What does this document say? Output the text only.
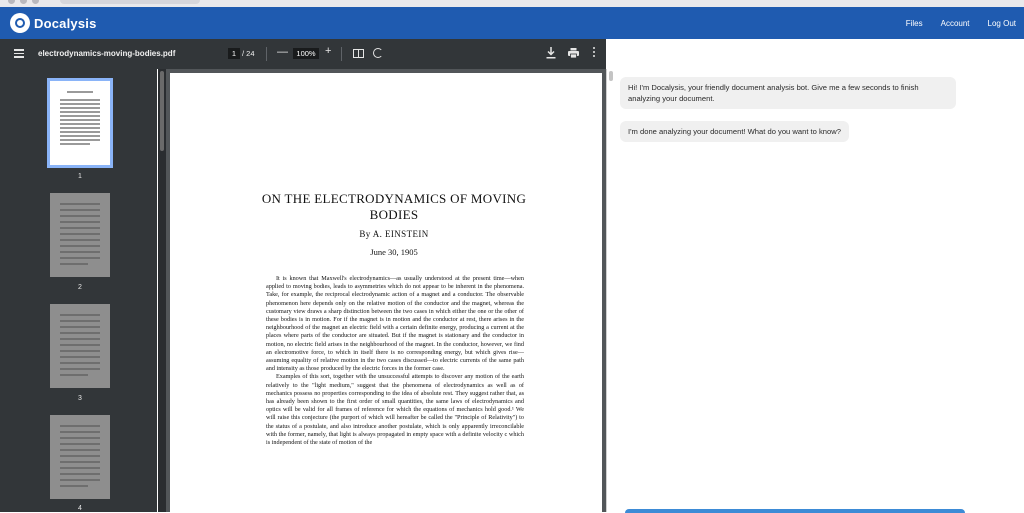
Docalysis	Files Account Log Out
electrodynamics-moving-bodies.pdf	1 / 24 —	100% +
1
2
3
4
ON THE ELECTRODYNAMICS OF MOVING
BODIES
By A. EINSTEIN
June 30, 1905

It is known that Maxwell's electrodynamics—as usually understood at the present time—when applied to moving bodies, leads to asymmetries which do not appear to be inherent in the phenomena. Take, for example, the reciprocal electrodynamic action of a magnet and a conductor. The observable phenomenon here depends only on the relative motion of the conductor and the magnet, whereas the customary view draws a sharp distinction between the two cases in which either the one or the other of these bodies is in motion. For if the magnet is in motion and the conductor at rest, there arises in the neighbourhood of the magnet an electric field with a certain definite energy, producing a current at the places where parts of the conductor are situated. But if the magnet is stationary and the conductor in motion, no electric field arises in the neighbourhood of the magnet. In the conductor, however, we find an electromotive force, to which in itself there is no corresponding energy, but which gives rise—assuming equality of relative motion in the two cases discussed—to electric currents of the same path and intensity as those produced by the electric forces in the former case.

Examples of this sort, together with the unsuccessful attempts to discover any motion of the earth relatively to the "light medium," suggest that the phenomena of electrodynamics as well as of mechanics possess no properties corresponding to the idea of absolute rest. They suggest rather that, as has already been shown to the first order of small quantities, the same laws of electrodynamics and optics will be valid for all frames of reference for which the equations of mechanics hold good.¹ We will raise this conjecture (the purport of which will hereafter be called the "Principle of Relativity") to the status of a postulate, and also introduce another postulate, which is only apparently irreconcilable with the former, namely, that light is always propagated in empty space with a definite velocity c which is independent of the state of motion of the

Hi! I'm Docalysis, your friendly document analysis bot. Give me a few seconds to finish analyzing your document.
I'm done analyzing your document! What do you want to know?
